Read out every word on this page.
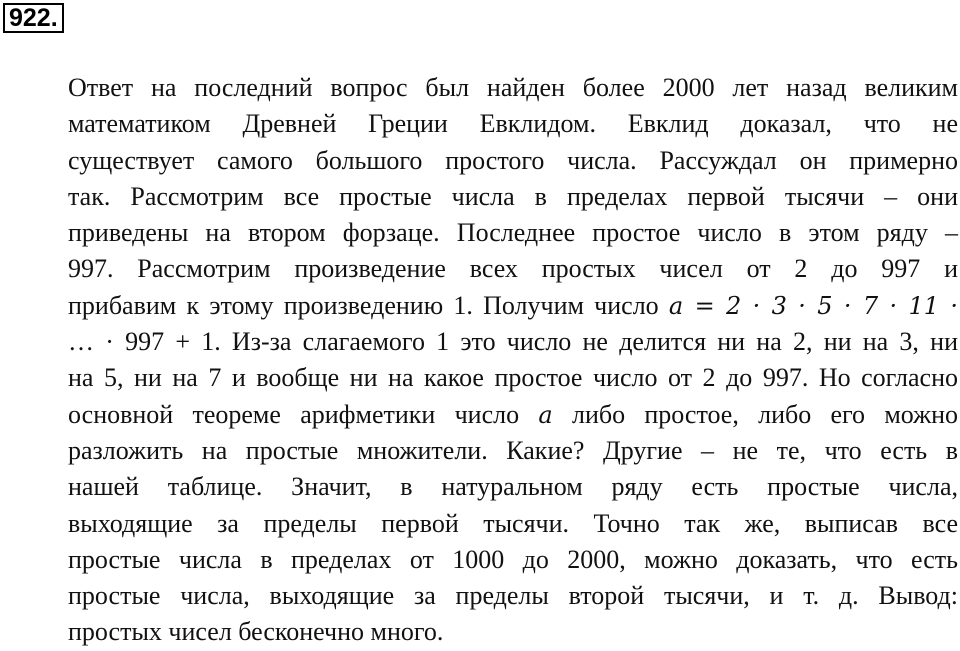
922.
Ответ на последний вопрос был найден более 2000 лет назад великим
математиком Древней Греции Евклидом. Евклид доказал, что не
существует самого большого простого числа. Рассуждал он примерно
так. Рассмотрим все простые числа в пределах первой тысячи – они
приведены на втором форзаце. Последнее простое число в этом ряду –
997. Рассмотрим произведение всех простых чисел от 2 до 997 и
прибавим к этому произведению 1. Получим число a = 2 · 3 · 5 · 7 · 11 ·
… · 997 + 1. Из-за слагаемого 1 это число не делится ни на 2, ни на 3, ни
на 5, ни на 7 и вообще ни на какое простое число от 2 до 997. Но согласно
основной теореме арифметики число a либо простое, либо его можно
разложить на простые множители. Какие? Другие – не те, что есть в
нашей таблице. Значит, в натуральном ряду есть простые числа,
выходящие за пределы первой тысячи. Точно так же, выписав все
простые числа в пределах от 1000 до 2000, можно доказать, что есть
простые числа, выходящие за пределы второй тысячи, и т. д. Вывод:
простых чисел бесконечно много.
